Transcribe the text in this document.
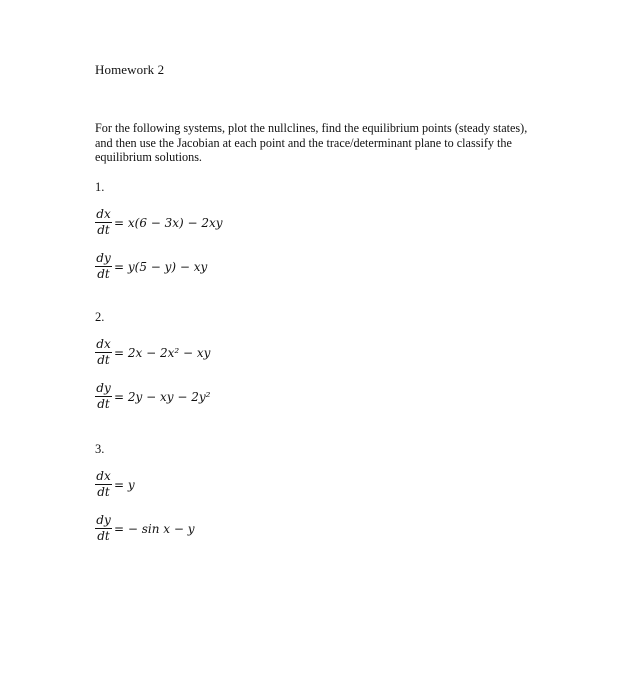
Homework 2
For the following systems, plot the nullclines, find the equilibrium points (steady states),
and then use the Jacobian at each point and the trace/determinant plane to classify the
equilibrium solutions.
1.
$\frac{dx}{dt} = x(6 - 3x) - 2xy$
$\frac{dy}{dt} = y(5 - y)$ − xy
2.
$\frac{dx}{dt} = 2x - 2x^2$ − xy
$\frac{dy}{dt} = 2y$ − xy − 2y²
3.
$\frac{dx}{dt} = y$
$\frac{dy}{dt}$ = − sin x − y
